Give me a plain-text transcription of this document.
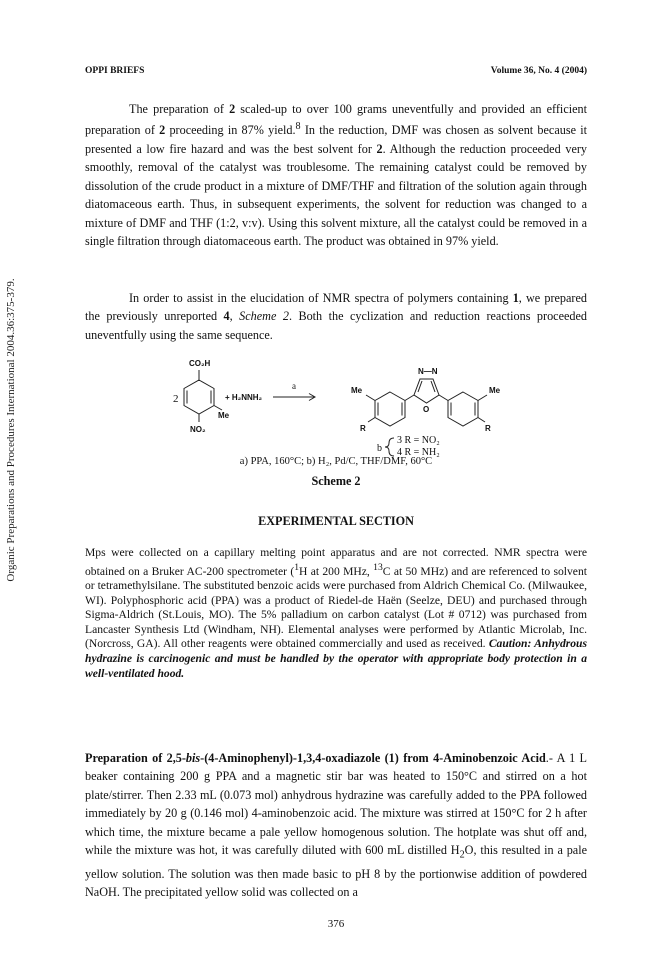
Organic Preparations and Procedures International 2004.36:375-379.
OPPI BRIEFS	Volume 36, No. 4 (2004)

The preparation of 2 scaled-up to over 100 grams uneventfully and provided an efficient preparation of 2 proceeding in 87% yield.$^8$ In the reduction, DMF was chosen as solvent because it presented a low fire hazard and was the best solvent for 2. Although the reduction proceeded very smoothly, removal of the catalyst was troublesome. The remaining catalyst could be removed by dissolution of the crude product in a mixture of DMF/THF and filtration of the solution again through diatomaceous earth. Thus, in subsequent experiments, the solvent for reduction was changed to a mixture of DMF and THF (1:2, v:v). Using this solvent mixture, all the catalyst could be removed in a single filtration through diatomaceous earth. The product was obtained in 97% yield.

In order to assist in the elucidation of NMR spectra of polymers containing 1, we prepared the previously unreported 4, Scheme 2. Both the cyclization and reduction reactions proceeded uneventfully using the same sequence.

2
CO₂H
Me
NO₂
+ H₂NNH₂
a
N—N
O
Me	Me
R	R
b
3 R = NO₂
4 R = NH₂
a) PPA, 160°C; b) H₂, Pd/C, THF/DMF, 60°C
Scheme 2
EXPERIMENTAL SECTION

Mps were collected on a capillary melting point apparatus and are not corrected. NMR spectra were obtained on a Bruker AC-200 spectrometer ($^1$H at 200 MHz, $^{13}$C at 50 MHz) and are referenced to solvent or tetramethylsilane. The substituted benzoic acids were purchased from Aldrich Chemical Co. (Milwaukee, WI). Polyphosphoric acid (PPA) was a product of Riedel-de Haën (Seelze, DEU) and purchased through Sigma-Aldrich (St.Louis, MO). The 5% palladium on carbon catalyst (Lot # 0712) was purchased from Lancaster Synthesis Ltd (Windham, NH). Elemental analyses were performed by Atlantic Microlab, Inc. (Norcross, GA). All other reagents were obtained commercially and used as received. Caution: Anhydrous hydrazine is carcinogenic and must be handled by the operator with appropriate body protection in a well-ventilated hood.

Preparation of 2,5-bis-(4-Aminophenyl)-1,3,4-oxadiazole (1) from 4-Aminobenzoic Acid.- A 1 L beaker containing 200 g PPA and a magnetic stir bar was heated to 150°C and stirred on a hot plate/stirrer. Then 2.33 mL (0.073 mol) anhydrous hydrazine was carefully added to the PPA followed immediately by 20 g (0.146 mol) 4-aminobenzoic acid. The mixture was stirred at 150°C for 2 h after which time, the mixture became a pale yellow homogenous solution. The hotplate was shut off and, while the mixture was hot, it was carefully diluted with 600 mL distilled $H_2O$, this resulted in a pale yellow solution. The solution was then made basic to pH 8 by the portionwise addition of powdered NaOH. The precipitated yellow solid was collected on a

376
